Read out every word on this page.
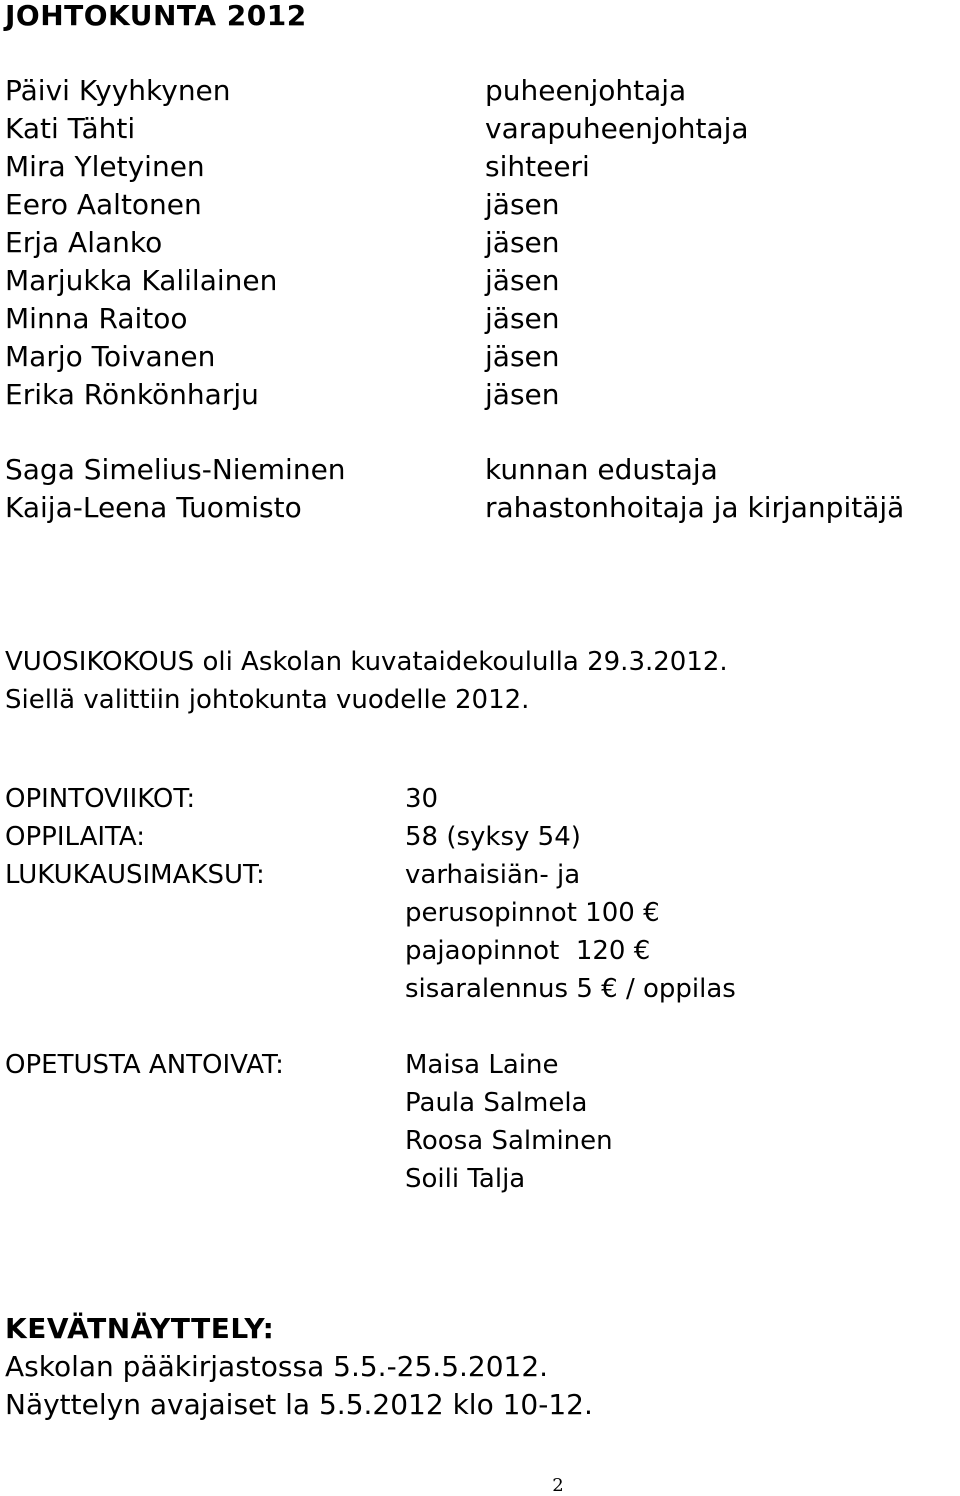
JOHTOKUNTA 2012
Päivi Kyyhkynen	puheenjohtaja
Kati Tähti	varapuheenjohtaja
Mira Yletyinen	sihteeri
Eero Aaltonen	jäsen
Erja Alanko	jäsen
Marjukka Kalilainen	jäsen
Minna Raitoo	jäsen
Marjo Toivanen	jäsen
Erika Rönkönharju	jäsen
Saga Simelius-Nieminen	kunnan edustaja
Kaija-Leena Tuomisto	rahastonhoitaja ja kirjanpitäjä
VUOSIKOKOUS oli Askolan kuvataidekoululla 29.3.2012.
Siellä valittiin johtokunta vuodelle 2012.
OPINTOVIIKOT:	30
OPPILAITA:	58 (syksy 54)
LUKUKAUSIMAKSUT:	varhaisiän- ja
perusopinnot 100 €
pajaopinnot  120 €
sisaralennus 5 € / oppilas
OPETUSTA ANTOIVAT:	Maisa Laine
Paula Salmela
Roosa Salminen
Soili Talja
KEVÄTNÄYTTELY:
Askolan pääkirjastossa 5.5.-25.5.2012.
Näyttelyn avajaiset la 5.5.2012 klo 10-12.
2
